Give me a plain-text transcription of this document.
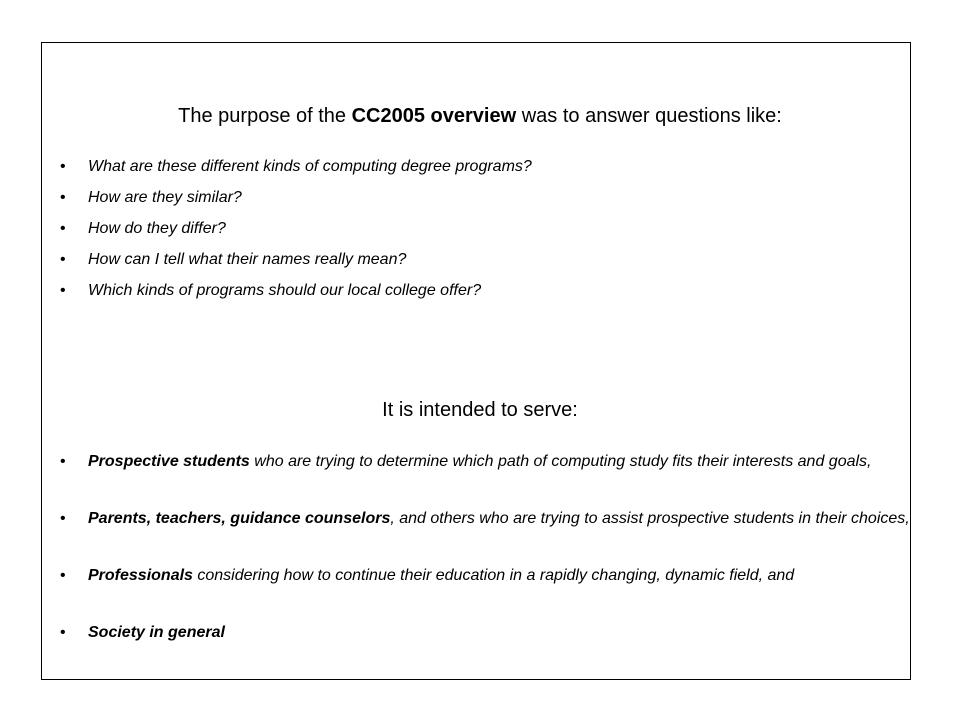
The purpose of the CC2005 overview was to answer questions like:
• What are these different kinds of computing degree programs?
• How are they similar?
• How do they differ?
• How can I tell what their names really mean?
• Which kinds of programs should our local college offer?
It is intended to serve:
• Prospective students who are trying to determine which path of computing study fits their interests and goals,
• Parents, teachers, guidance counselors, and others who are trying to assist prospective students in their choices,
• Professionals considering how to continue their education in a rapidly changing, dynamic field, and
• Society in general
